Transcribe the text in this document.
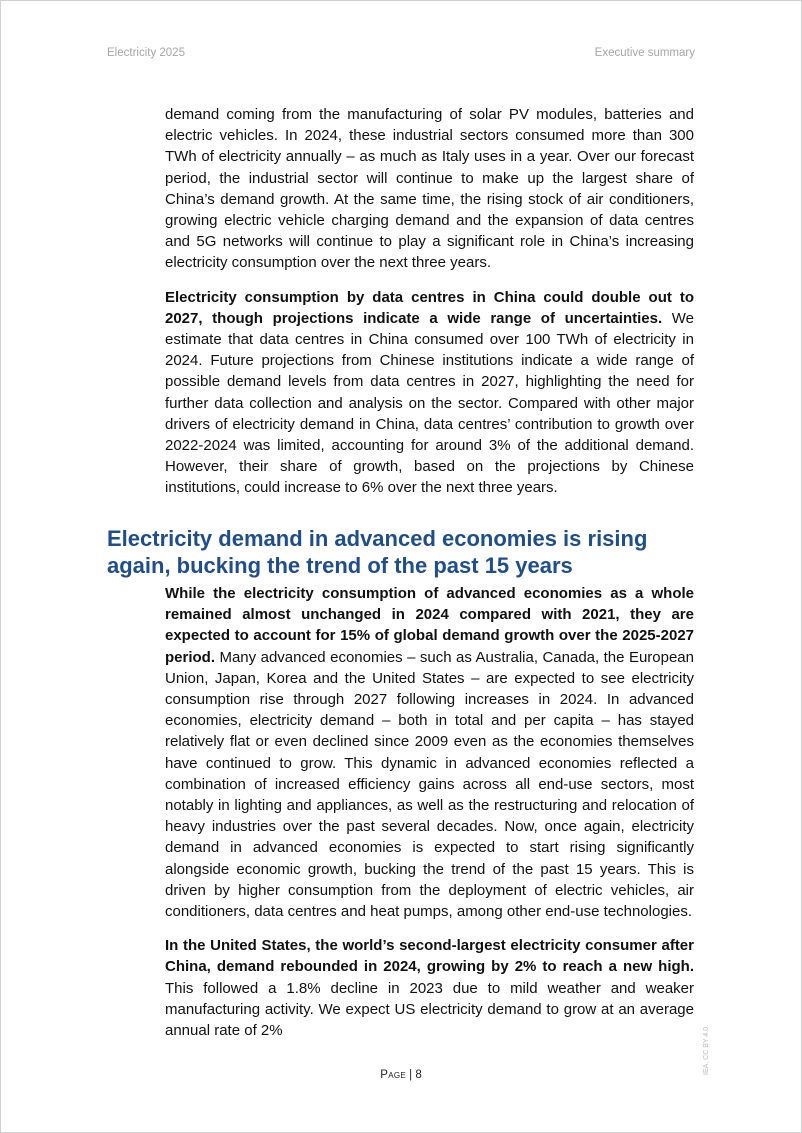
Electricity 2025	Executive summary

demand coming from the manufacturing of solar PV modules, batteries and electric vehicles. In 2024, these industrial sectors consumed more than 300 TWh of electricity annually – as much as Italy uses in a year. Over our forecast period, the industrial sector will continue to make up the largest share of China’s demand growth. At the same time, the rising stock of air conditioners, growing electric vehicle charging demand and the expansion of data centres and 5G networks will continue to play a significant role in China’s increasing electricity consumption over the next three years.

Electricity consumption by data centres in China could double out to 2027, though projections indicate a wide range of uncertainties. We estimate that data centres in China consumed over 100 TWh of electricity in 2024. Future projections from Chinese institutions indicate a wide range of possible demand levels from data centres in 2027, highlighting the need for further data collection and analysis on the sector. Compared with other major drivers of electricity demand in China, data centres’ contribution to growth over 2022-2024 was limited, accounting for around 3% of the additional demand. However, their share of growth, based on the projections by Chinese institutions, could increase to 6% over the next three years.

Electricity demand in advanced economies is rising again, bucking the trend of the past 15 years

While the electricity consumption of advanced economies as a whole remained almost unchanged in 2024 compared with 2021, they are expected to account for 15% of global demand growth over the 2025-2027 period. Many advanced economies – such as Australia, Canada, the European Union, Japan, Korea and the United States – are expected to see electricity consumption rise through 2027 following increases in 2024. In advanced economies, electricity demand – both in total and per capita – has stayed relatively flat or even declined since 2009 even as the economies themselves have continued to grow. This dynamic in advanced economies reflected a combination of increased efficiency gains across all end-use sectors, most notably in lighting and appliances, as well as the restructuring and relocation of heavy industries over the past several decades. Now, once again, electricity demand in advanced economies is expected to start rising significantly alongside economic growth, bucking the trend of the past 15 years. This is driven by higher consumption from the deployment of electric vehicles, air conditioners, data centres and heat pumps, among other end-use technologies.

In the United States, the world’s second-largest electricity consumer after China, demand rebounded in 2024, growing by 2% to reach a new high. This followed a 1.8% decline in 2023 due to mild weather and weaker manufacturing activity. We expect US electricity demand to grow at an average annual rate of 2%

Page | 8	IEA. CC BY 4.0.
